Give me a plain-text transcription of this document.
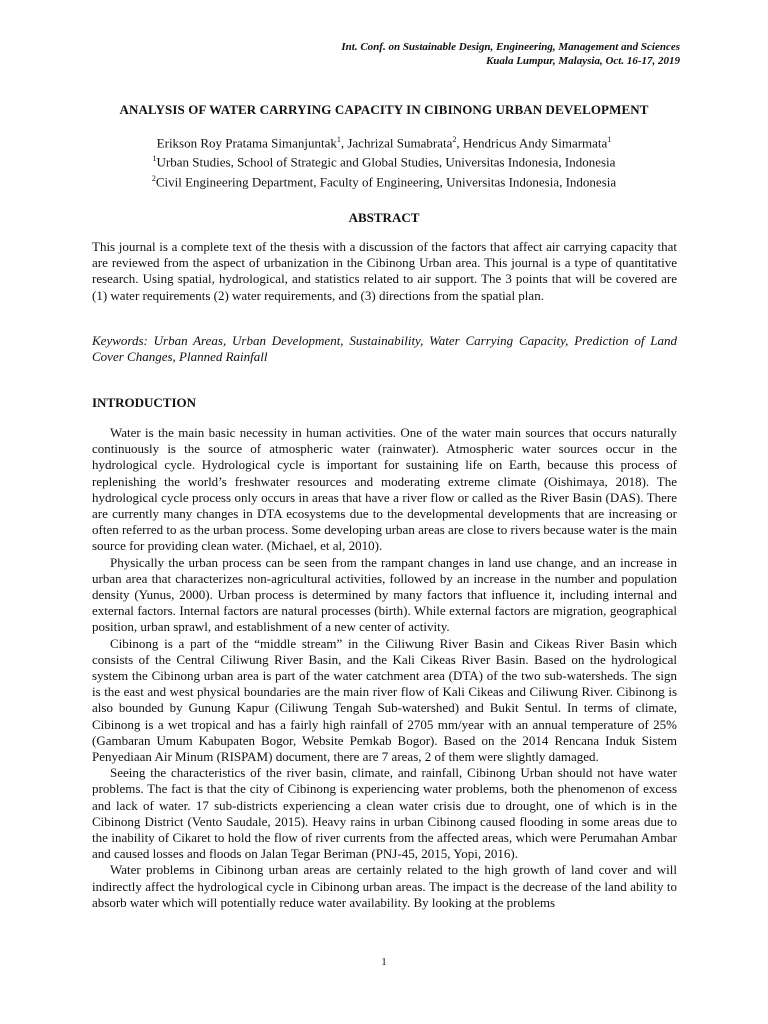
Int. Conf. on Sustainable Design, Engineering, Management and Sciences
Kuala Lumpur, Malaysia, Oct. 16-17, 2019
ANALYSIS OF WATER CARRYING CAPACITY IN CIBINONG URBAN DEVELOPMENT
Erikson Roy Pratama Simanjuntak$^1$, Jachrizal Sumabrata$^2$, Hendricus Andy Simarmata$^1$
$^1$Urban Studies, School of Strategic and Global Studies, Universitas Indonesia, Indonesia
$^2$Civil Engineering Department, Faculty of Engineering, Universitas Indonesia, Indonesia
ABSTRACT

This journal is a complete text of the thesis with a discussion of the factors that affect air carrying capacity that are reviewed from the aspect of urbanization in the Cibinong Urban area. This journal is a type of quantitative research. Using spatial, hydrological, and statistics related to air support. The 3 points that will be covered are (1) water requirements (2) water requirements, and (3) directions from the spatial plan.

Keywords: Urban Areas, Urban Development, Sustainability, Water Carrying Capacity, Prediction of Land Cover Changes, Planned Rainfall
INTRODUCTION

Water is the main basic necessity in human activities. One of the water main sources that occurs naturally continuously is the source of atmospheric water (rainwater). Atmospheric water sources occur in the hydrological cycle. Hydrological cycle is important for sustaining life on Earth, because this process of replenishing the world’s freshwater resources and moderating extreme climate (Oishimaya, 2018). The hydrological cycle process only occurs in areas that have a river flow or called as the River Basin (DAS). There are currently many changes in DTA ecosystems due to the developmental developments that are increasing or often referred to as the urban process. Some developing urban areas are close to rivers because water is the main source for providing clean water. (Michael, et al, 2010).

Physically the urban process can be seen from the rampant changes in land use change, and an increase in urban area that characterizes non-agricultural activities, followed by an increase in the number and population density (Yunus, 2000). Urban process is determined by many factors that influence it, including internal and external factors. Internal factors are natural processes (birth). While external factors are migration, geographical position, urban sprawl, and establishment of a new center of activity.

Cibinong is a part of the “middle stream” in the Ciliwung River Basin and Cikeas River Basin which consists of the Central Ciliwung River Basin, and the Kali Cikeas River Basin. Based on the hydrological system the Cibinong urban area is part of the water catchment area (DTA) of the two sub-watersheds. The sign is the east and west physical boundaries are the main river flow of Kali Cikeas and Ciliwung River. Cibinong is also bounded by Gunung Kapur (Ciliwung Tengah Sub-watershed) and Bukit Sentul. In terms of climate, Cibinong is a wet tropical and has a fairly high rainfall of 2705 mm/year with an annual temperature of 25% (Gambaran Umum Kabupaten Bogor, Website Pemkab Bogor). Based on the 2014 Rencana Induk Sistem Penyediaan Air Minum (RISPAM) document, there are 7 areas, 2 of them were slightly damaged.

Seeing the characteristics of the river basin, climate, and rainfall, Cibinong Urban should not have water problems. The fact is that the city of Cibinong is experiencing water problems, both the phenomenon of excess and lack of water. 17 sub-districts experiencing a clean water crisis due to drought, one of which is in the Cibinong District (Vento Saudale, 2015). Heavy rains in urban Cibinong caused flooding in some areas due to the inability of Cikaret to hold the flow of river currents from the affected areas, which were Perumahan Ambar and caused losses and floods on Jalan Tegar Beriman (PNJ-45, 2015, Yopi, 2016).

Water problems in Cibinong urban areas are certainly related to the high growth of land cover and will indirectly affect the hydrological cycle in Cibinong urban areas. The impact is the decrease of the land ability to absorb water which will potentially reduce water availability. By looking at the problems

1
